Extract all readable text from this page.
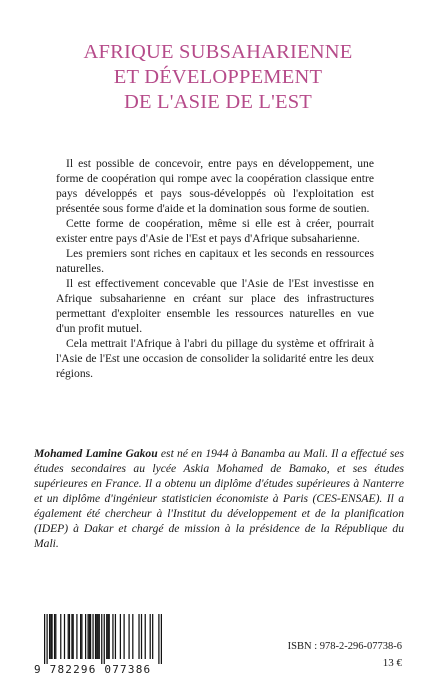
AFRIQUE SUBSAHARIENNE
ET DÉVELOPPEMENT
DE L'ASIE DE L'EST

Il est possible de concevoir, entre pays en développement, une forme de coopération qui rompe avec la coopération classique entre pays développés et pays sous-développés où l'exploitation est présentée sous forme d'aide et la domination sous forme de soutien.

Cette forme de coopération, même si elle est à créer, pourrait exister entre pays d'Asie de l'Est et pays d'Afrique subsaharienne.

Les premiers sont riches en capitaux et les seconds en ressources naturelles.

Il est effectivement concevable que l'Asie de l'Est investisse en Afrique subsaharienne en créant sur place des infrastructures permettant d'exploiter ensemble les ressources naturelles en vue d'un profit mutuel.

Cela mettrait l'Afrique à l'abri du pillage du système et offrirait à l'Asie de l'Est une occasion de consolider la solidarité entre les deux régions.

Mohamed Lamine Gakou est né en 1944 à Banamba au Mali. Il a effectué ses études secondaires au lycée Askia Mohamed de Bamako, et ses études supérieures en France. Il a obtenu un diplôme d'études supérieures à Nanterre et un diplôme d'ingénieur statisticien économiste à Paris (CES-ENSAE). Il a également été chercheur à l'Institut du développement et de la planification (IDEP) à Dakar et chargé de mission à la présidence de la République du Mali.

9 782296 077386
ISBN : 978-2-296-07738-6
13 €
